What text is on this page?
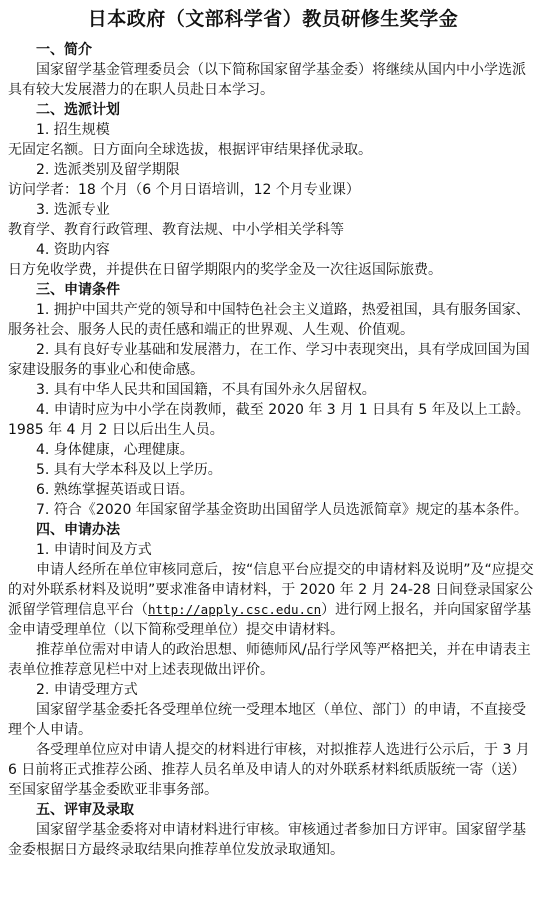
日本政府（文部科学省）教员研修生奖学金

一、简介

国家留学基金管理委员会（以下简称国家留学基金委）将继续从国内中小学选派具有较大发展潜力的在职人员赴日本学习。

二、选派计划

1. 招生规模

无固定名额。日方面向全球选拔，根据评审结果择优录取。

2. 选派类别及留学期限

访问学者：18 个月（6 个月日语培训，12 个月专业课）

3. 选派专业

教育学、教育行政管理、教育法规、中小学相关学科等

4. 资助内容

日方免收学费，并提供在日留学期限内的奖学金及一次往返国际旅费。

三、申请条件

1. 拥护中国共产党的领导和中国特色社会主义道路，热爱祖国，具有服务国家、服务社会、服务人民的责任感和端正的世界观、人生观、价值观。

2. 具有良好专业基础和发展潜力，在工作、学习中表现突出，具有学成回国为国家建设服务的事业心和使命感。

3. 具有中华人民共和国国籍，不具有国外永久居留权。

4. 申请时应为中小学在岗教师，截至 2020 年 3 月 1 日具有 5 年及以上工龄。1985 年 4 月 2 日以后出生人员。

4. 身体健康，心理健康。

5. 具有大学本科及以上学历。

6. 熟练掌握英语或日语。

7. 符合《2020 年国家留学基金资助出国留学人员选派简章》规定的基本条件。

四、申请办法

1. 申请时间及方式

申请人经所在单位审核同意后，按“信息平台应提交的申请材料及说明”及“应提交的对外联系材料及说明”要求准备申请材料，于 2020 年 2 月 24-28 日间登录国家公派留学管理信息平台（http://apply.csc.edu.cn）进行网上报名，并向国家留学基金申请受理单位（以下简称受理单位）提交申请材料。

推荐单位需对申请人的政治思想、师德师风/品行学风等严格把关，并在申请表主表单位推荐意见栏中对上述表现做出评价。

2. 申请受理方式

国家留学基金委托各受理单位统一受理本地区（单位、部门）的申请，不直接受理个人申请。

各受理单位应对申请人提交的材料进行审核，对拟推荐人选进行公示后，于 3 月 6 日前将正式推荐公函、推荐人员名单及申请人的对外联系材料纸质版统一寄（送）至国家留学基金委欧亚非事务部。

五、评审及录取

国家留学基金委将对申请材料进行审核。审核通过者参加日方评审。国家留学基金委根据日方最终录取结果向推荐单位发放录取通知。
